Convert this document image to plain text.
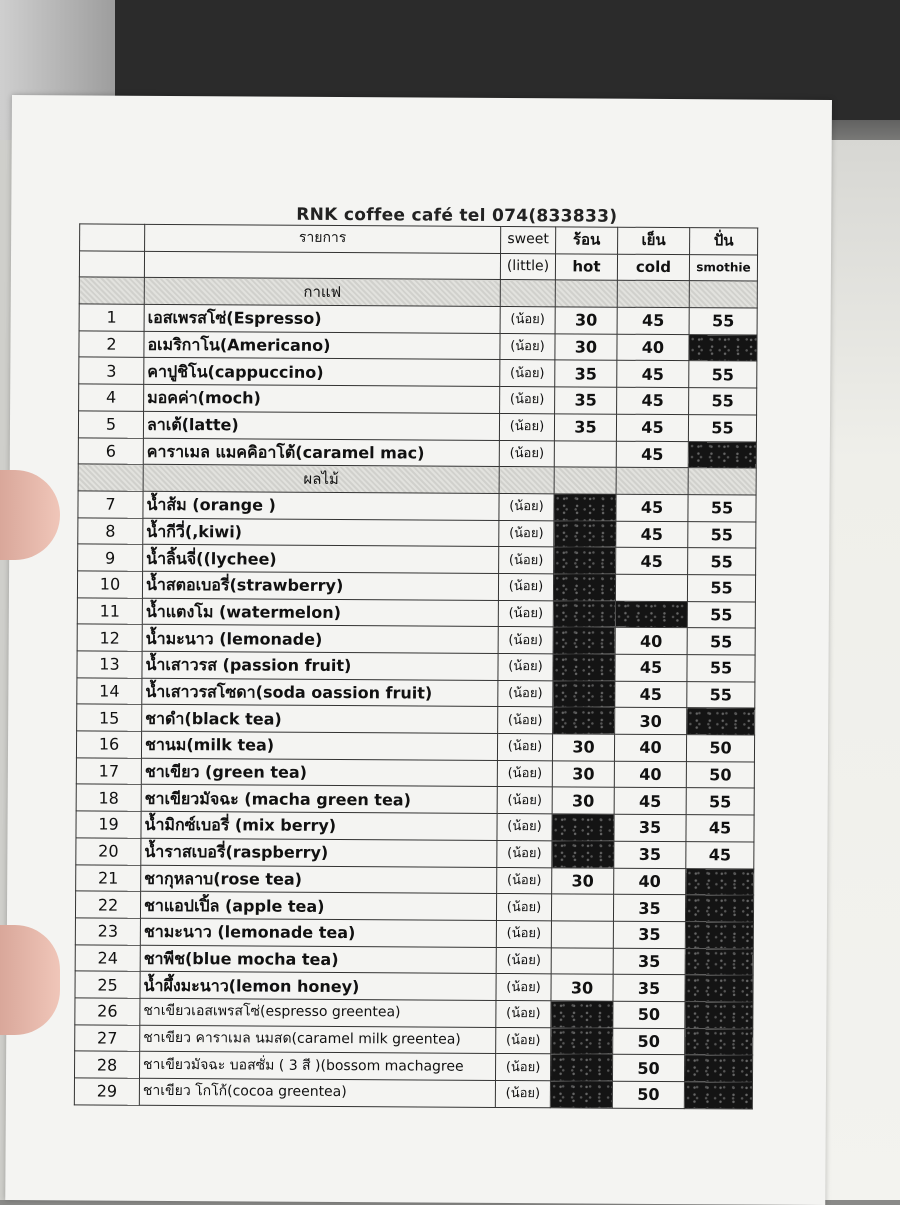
RNK coffee café tel 074(833833)
	รายการ	sweet	ร้อน	เย็น	ปั่น
		(little)	hot	cold	smothie
	กาแฟ				
1	เอสเพรสโซ่(Espresso)	(น้อย)	30	45	55
2	อเมริกาโน(Americano)	(น้อย)	30	40	
3	คาปูชิโน(cappuccino)	(น้อย)	35	45	55
4	มอคค่า(moch)	(น้อย)	35	45	55
5	ลาเต้(latte)	(น้อย)	35	45	55
6	คาราเมล แมคคิอาโต้(caramel mac)	(น้อย)		45	
	ผลไม้				
7	น้ำส้ม (orange )	(น้อย)		45	55
8	น้ำกีวี่(,kiwi)	(น้อย)		45	55
9	น้ำลิ้นจี่((lychee)	(น้อย)		45	55
10	น้ำสตอเบอรี่(strawberry)	(น้อย)			55
11	น้ำแตงโม (watermelon)	(น้อย)			55
12	น้ำมะนาว (lemonade)	(น้อย)		40	55
13	น้ำเสาวรส (passion fruit)	(น้อย)		45	55
14	น้ำเสาวรสโซดา(soda oassion fruit)	(น้อย)		45	55
15	ชาดำ(black tea)	(น้อย)		30	
16	ชานม(milk tea)	(น้อย)	30	40	50
17	ชาเขียว (green tea)	(น้อย)	30	40	50
18	ชาเขียวมัจฉะ (macha green tea)	(น้อย)	30	45	55
19	น้ำมิกซ์เบอรี่ (mix berry)	(น้อย)		35	45
20	น้ำราสเบอรี่(raspberry)	(น้อย)		35	45
21	ชากุหลาบ(rose tea)	(น้อย)	30	40	
22	ชาแอปเปิ้ล (apple tea)	(น้อย)		35	
23	ชามะนาว (lemonade tea)	(น้อย)		35	
24	ชาพีช(blue mocha tea)	(น้อย)		35	
25	น้ำผึ้งมะนาว(lemon honey)	(น้อย)	30	35	
26	ชาเขียวเอสเพรสโซ่(espresso greentea)	(น้อย)		50	
27	ชาเขียว คาราเมล นมสด(caramel milk greentea)	(น้อย)		50	
28	ชาเขียวมัจฉะ บอสซั่ม ( 3 สี )(bossom machagree	(น้อย)		50	
29	ชาเขียว โกโก้(cocoa greentea)	(น้อย)		50	
